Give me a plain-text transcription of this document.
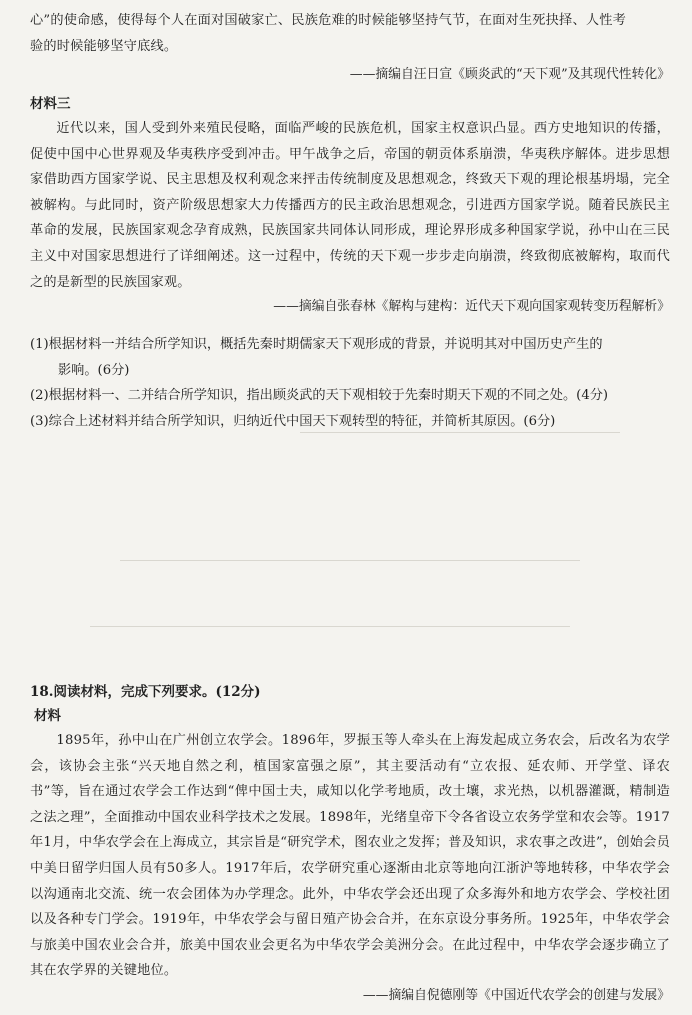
心”的使命感，使得每个人在面对国破家亡、民族危难的时候能够坚持气节，在面对生死抉择、人性考

验的时候能够坚守底线。

——摘编自汪日宣《顾炎武的“天下观”及其现代性转化》

材料三

近代以来，国人受到外来殖民侵略，面临严峻的民族危机，国家主权意识凸显。西方史地知识的传播，促使中国中心世界观及华夷秩序受到冲击。甲午战争之后，帝国的朝贡体系崩溃，华夷秩序解体。进步思想家借助西方国家学说、民主思想及权利观念来抨击传统制度及思想观念，终致天下观的理论根基坍塌，完全被解构。与此同时，资产阶级思想家大力传播西方的民主政治思想观念，引进西方国家学说。随着民族民主革命的发展，民族国家观念孕育成熟，民族国家共同体认同形成，理论界形成多种国家学说，孙中山在三民主义中对国家思想进行了详细阐述。这一过程中，传统的天下观一步步走向崩溃，终致彻底被解构，取而代之的是新型的民族国家观。

——摘编自张春林《解构与建构：近代天下观向国家观转变历程解析》

(1)根据材料一并结合所学知识，概括先秦时期儒家天下观形成的背景，并说明其对中国历史产生的

影响。(6分)

(2)根据材料一、二并结合所学知识，指出顾炎武的天下观相较于先秦时期天下观的不同之处。(4分)

(3)综合上述材料并结合所学知识，归纳近代中国天下观转型的特征，并简析其原因。(6分)

18.阅读材料，完成下列要求。(12分)

材料

1895年，孙中山在广州创立农学会。1896年，罗振玉等人牵头在上海发起成立务农会，后改名为农学会，该协会主张“兴天地自然之利，植国家富强之原”，其主要活动有“立农报、延农师、开学堂、译农书”等，旨在通过农学会工作达到“俾中国士夫，咸知以化学考地质，改土壤，求光热，以机器灌溉，精制造之法之理”，全面推动中国农业科学技术之发展。1898年，光绪皇帝下令各省设立农务学堂和农会等。1917年1月，中华农学会在上海成立，其宗旨是“研究学术，图农业之发挥；普及知识，求农事之改进”，创始会员中美日留学归国人员有50多人。1917年后，农学研究重心逐渐由北京等地向江浙沪等地转移，中华农学会以沟通南北交流、统一农会团体为办学理念。此外，中华农学会还出现了众多海外和地方农学会、学校社团以及各种专门学会。1919年，中华农学会与留日殖产协会合并，在东京设分事务所。1925年，中华农学会与旅美中国农业会合并，旅美中国农业会更名为中华农学会美洲分会。在此过程中，中华农学会逐步确立了其在农学界的关键地位。

——摘编自倪德刚等《中国近代农学会的创建与发展》
